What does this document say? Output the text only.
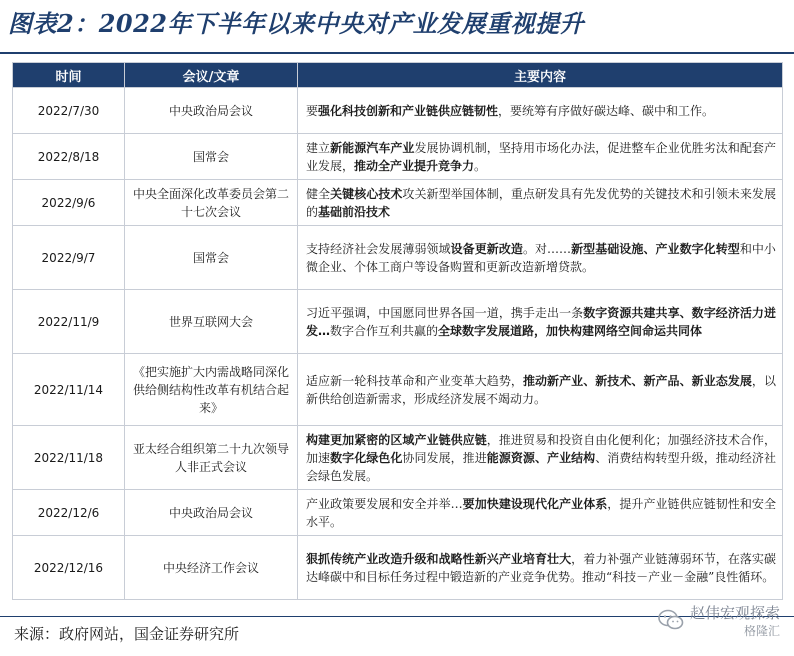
图表2：2022年下半年以来中央对产业发展重视提升
时间	会议/文章	主要内容
2022/7/30	中央政治局会议	要强化科技创新和产业链供应链韧性，要统筹有序做好碳达峰、碳中和工作。
2022/8/18	国常会	建立新能源汽车产业发展协调机制，坚持用市场化办法，促进整车企业优胜劣汰和配套产业发展，推动全产业提升竞争力。
2022/9/6	中央全面深化改革委员会第二十七次会议	健全关键核心技术攻关新型举国体制，重点研发具有先发优势的关键技术和引领未来发展的基础前沿技术
2022/9/7	国常会	支持经济社会发展薄弱领域设备更新改造。对……新型基础设施、产业数字化转型和中小微企业、个体工商户等设备购置和更新改造新增贷款。
2022/11/9	世界互联网大会	习近平强调，中国愿同世界各国一道，携手走出一条数字资源共建共享、数字经济活力迸发…数字合作互利共赢的全球数字发展道路，加快构建网络空间命运共同体
2022/11/14	《把实施扩大内需战略同深化供给侧结构性改革有机结合起来》	适应新一轮科技革命和产业变革大趋势，推动新产业、新技术、新产品、新业态发展，以新供给创造新需求，形成经济发展不竭动力。
2022/11/18	亚太经合组织第二十九次领导人非正式会议	构建更加紧密的区域产业链供应链，推进贸易和投资自由化便利化；加强经济技术合作，加速数字化绿色化协同发展，推进能源资源、产业结构、消费结构转型升级，推动经济社会绿色发展。
2022/12/6	中央政治局会议	产业政策要发展和安全并举…要加快建设现代化产业体系，提升产业链供应链韧性和安全水平。
2022/12/16	中央经济工作会议	狠抓传统产业改造升级和战略性新兴产业培育壮大，着力补强产业链薄弱环节，在落实碳达峰碳中和目标任务过程中锻造新的产业竞争优势。推动“科技－产业－金融”良性循环。
来源：政府网站，国金证券研究所
赵伟宏观探索
格隆汇
